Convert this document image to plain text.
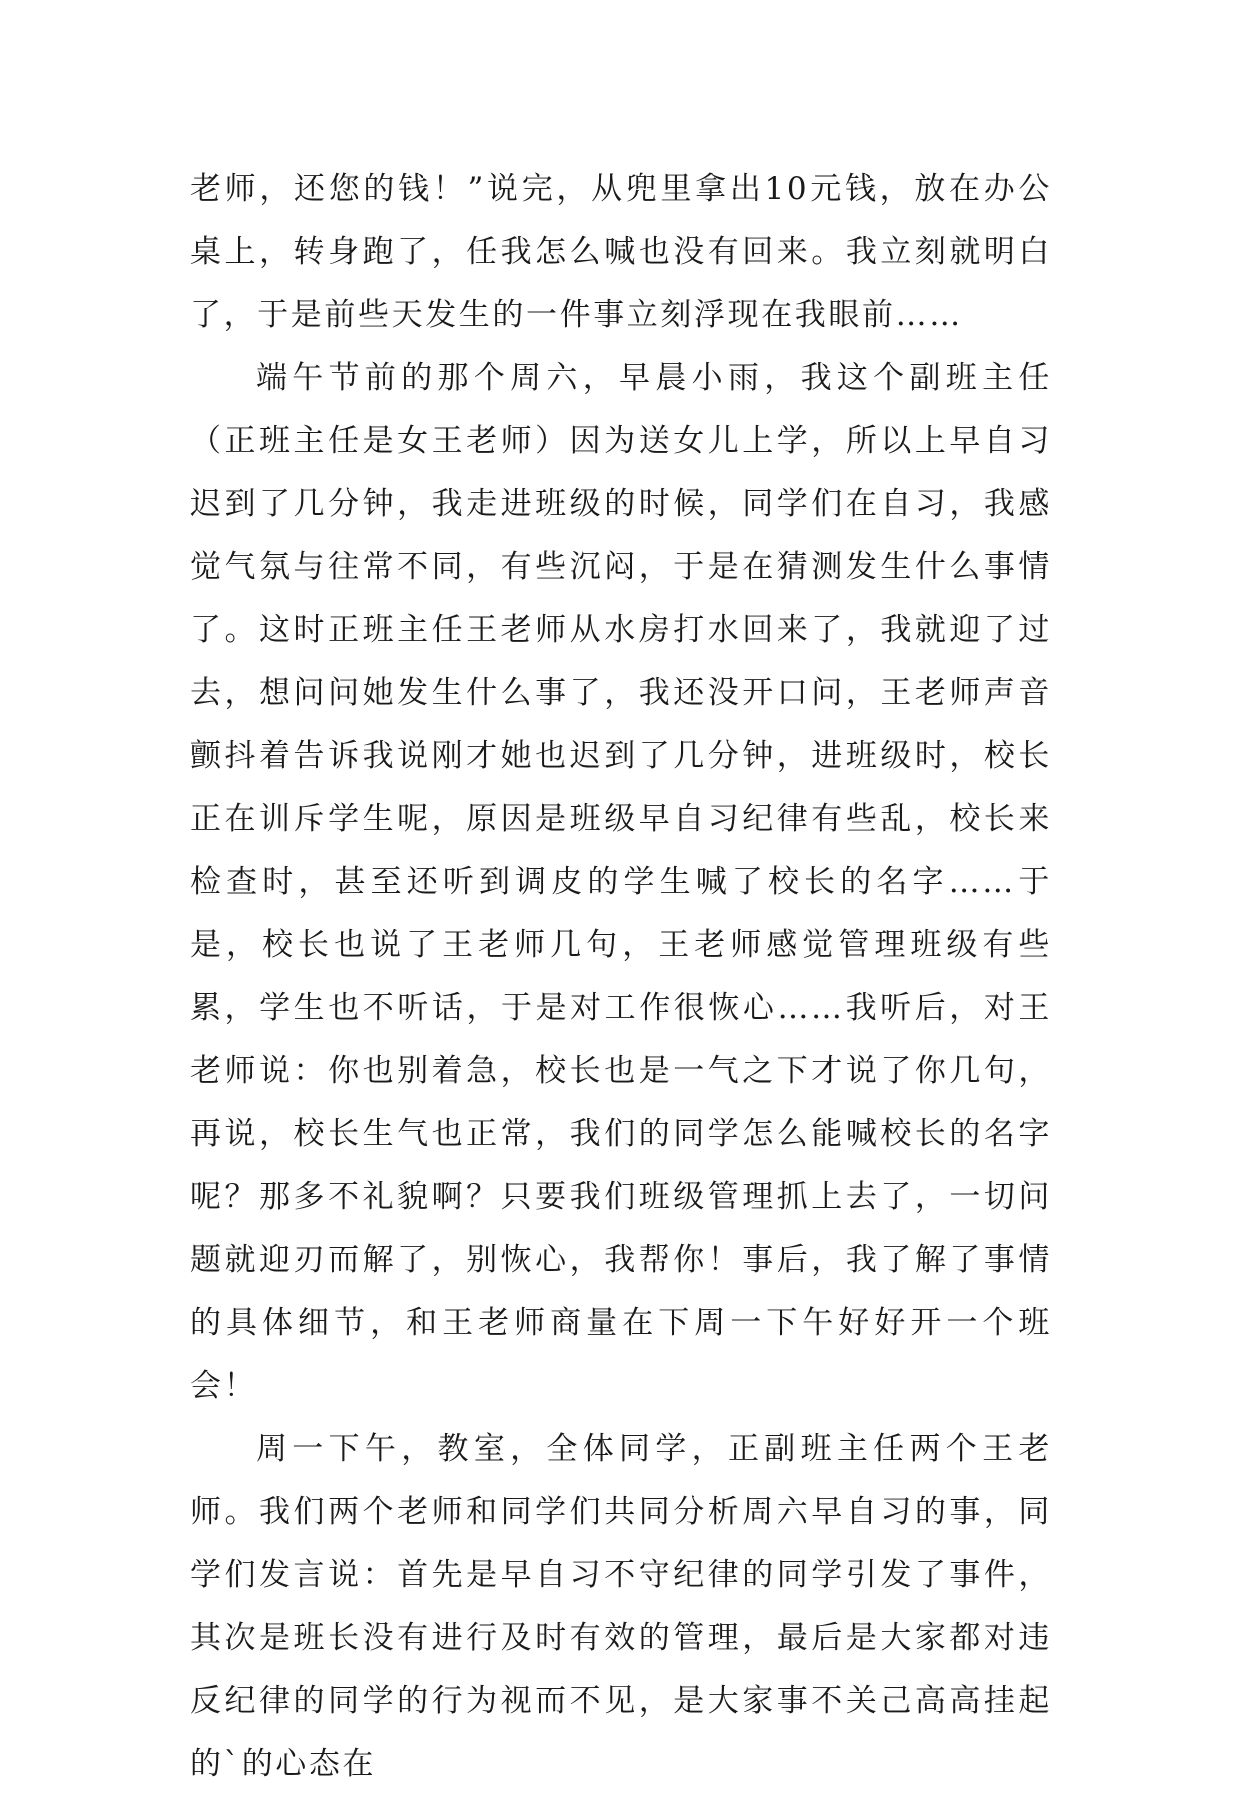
老师，还您的钱！”说完，从兜里拿出10元钱，放在办公桌上，转身跑了，任我怎么喊也没有回来。我立刻就明白了，于是前些天发生的一件事立刻浮现在我眼前……

端午节前的那个周六，早晨小雨，我这个副班主任（正班主任是女王老师）因为送女儿上学，所以上早自习迟到了几分钟，我走进班级的时候，同学们在自习，我感觉气氛与往常不同，有些沉闷，于是在猜测发生什么事情了。这时正班主任王老师从水房打水回来了，我就迎了过去，想问问她发生什么事了，我还没开口问，王老师声音颤抖着告诉我说刚才她也迟到了几分钟，进班级时，校长正在训斥学生呢，原因是班级早自习纪律有些乱，校长来检查时，甚至还听到调皮的学生喊了校长的名字……于是，校长也说了王老师几句，王老师感觉管理班级有些累，学生也不听话，于是对工作很恢心……我听后，对王老师说：你也别着急，校长也是一气之下才说了你几句，再说，校长生气也正常，我们的同学怎么能喊校长的名字呢？那多不礼貌啊？只要我们班级管理抓上去了，一切问题就迎刃而解了，别恢心，我帮你！事后，我了解了事情的具体细节，和王老师商量在下周一下午好好开一个班会！

周一下午，教室，全体同学，正副班主任两个王老师。我们两个老师和同学们共同分析周六早自习的事，同学们发言说：首先是早自习不守纪律的同学引发了事件，其次是班长没有进行及时有效的管理，最后是大家都对违反纪律的同学的行为视而不见，是大家事不关己高高挂起的`的心态在
